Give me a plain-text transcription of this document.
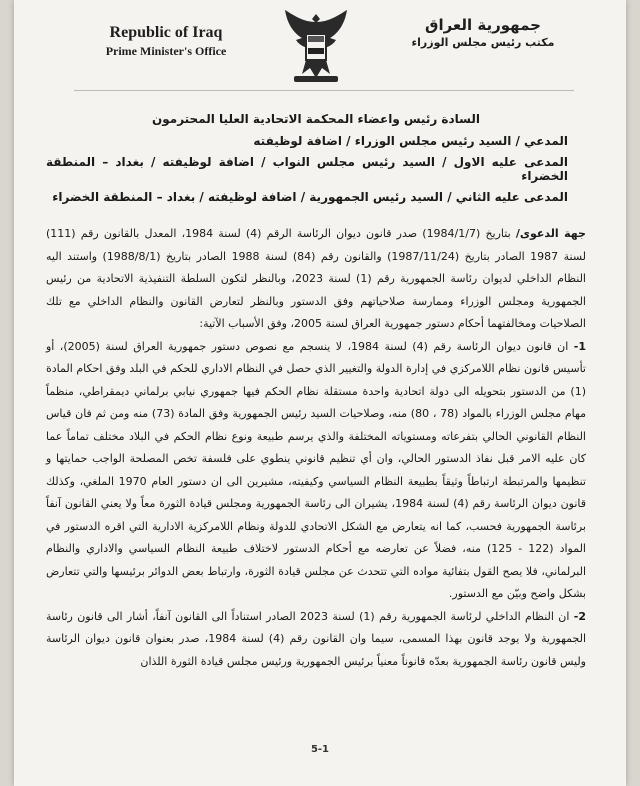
Republic of Iraq
Prime Minister's Office
جمهورية العراق
مكتب رئيس مجلس الوزراء
السادة رئيس واعضاء المحكمة الاتحادية العليا المحترمون
المدعي / السيد رئيس مجلس الوزراء / اضافة لوظيفته
المدعى عليه الاول / السيد رئيس مجلس النواب / اضافة لوظيفته / بغداد – المنطقة الخضراء
المدعى عليه الثاني / السيد رئيس الجمهورية / اضافة لوظيفته / بغداد – المنطقة الخضراء

جهة الدعوى/ بتاريخ (1984/1/7) صدر قانون ديوان الرئاسة الرقم (4) لسنة 1984، المعدل بالقانون رقم (111) لسنة 1987 الصادر بتاريخ (1987/11/24) والقانون رقم (84) لسنة 1988 الصادر بتاريخ (1988/8/1) واستند اليه النظام الداخلي لديوان رئاسة الجمهورية رقم (1) لسنة 2023، وبالنظر لتكون السلطة التنفيذية الاتحادية من رئيس الجمهورية ومجلس الوزراء وممارسة صلاحياتهم وفق الدستور وبالنظر لتعارض القانون والنظام الداخلي مع تلك الصلاحيات ومخالفتهما أحكام دستور جمهورية العراق لسنة 2005، وفق الأسباب الآتية:

1- ان قانون ديوان الرئاسة رقم (4) لسنة 1984، لا ينسجم مع نصوص دستور جمهورية العراق لسنة (2005)، أو تأسيس قانون نظام اللامركزي في إدارة الدولة والتغيير الذي حصل في النظام الاداري للحكم في البلد وفق احكام المادة (1) من الدستور بتحويله الى دولة اتحادية واحدة مستقلة نظام الحكم فيها جمهوري نيابي برلماني ديمقراطي، منظماً مهام مجلس الوزراء بالمواد (78 ، 80) منه، وصلاحيات السيد رئيس الجمهورية وفق المادة (73) منه ومن ثم فان قياس النظام القانوني الحالي بتفرعاته ومستوياته المختلفة والذي يرسم طبيعة ونوع نظام الحكم في البلاد مختلف تماماً عما كان عليه الامر قبل نفاذ الدستور الحالي، وان أي تنظيم قانوني ينطوي على فلسفة تخص المصلحة الواجب حمايتها و تنظيمها والمرتبطة ارتباطاً وثيقاً بطبيعة النظام السياسي وكيفيته، مشيرين الى ان دستور العام 1970 الملغي، وكذلك قانون ديوان الرئاسة رقم (4) لسنة 1984، يشيران الى رئاسة الجمهورية ومجلس قيادة الثورة معاً ولا يعني القانون آنفاً برئاسة الجمهورية فحسب، كما انه يتعارض مع الشكل الاتحادي للدولة ونظام اللامركزية الادارية التي اقره الدستور في المواد (122 - 125) منه، فضلاً عن تعارضه مع أحكام الدستور لاختلاف طبيعة النظام السياسي والاداري والنظام البرلماني، فلا يصح القول بتفائية مواده التي تتحدث عن مجلس قيادة الثورة، وارتباط بعض الدوائر برئيسها والتي تتعارض بشكل واضح وبيّن مع الدستور.

2- ان النظام الداخلي لرئاسة الجمهورية رقم (1) لسنة 2023 الصادر استناداً الى القانون آنفاً، أشار الى قانون رئاسة الجمهورية ولا يوجد قانون بهذا المسمى، سيما وان القانون رقم (4) لسنة 1984، صدر بعنوان قانون ديوان الرئاسة وليس قانون رئاسة الجمهورية بعدّه قانوناً معنياً برئيس الجمهورية ورئيس مجلس قيادة الثورة اللذان

5-1
